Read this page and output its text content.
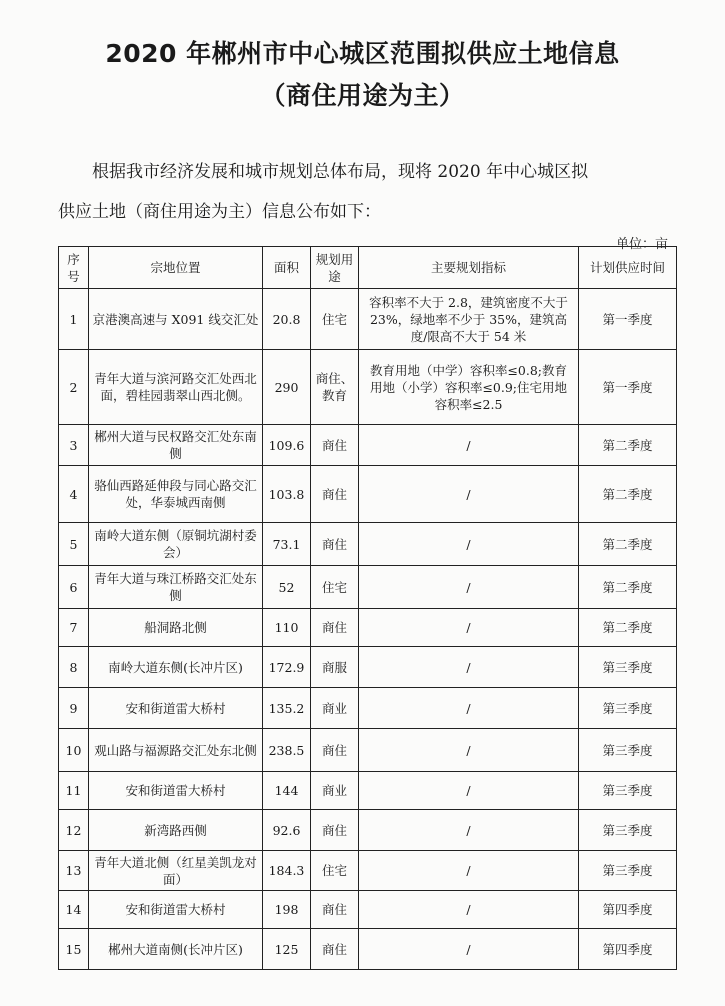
2020 年郴州市中心城区范围拟供应土地信息
（商住用途为主）
根据我市经济发展和城市规划总体布局，现将 2020 年中心城区拟
供应土地（商住用途为主）信息公布如下：
单位：亩
序号	宗地位置	面积	规划用途	主要规划指标	计划供应时间
1	京港澳高速与 X091 线交汇处	20.8	住宅	容积率不大于 2.8，建筑密度不大于 23%，绿地率不少于 35%，建筑高度/限高不大于 54 米	第一季度
2	青年大道与滨河路交汇处西北面，碧桂园翡翠山西北侧。	290	商住、教育	教育用地（中学）容积率≤0.8;教育用地（小学）容积率≤0.9;住宅用地容积率≤2.5	第一季度
3	郴州大道与民权路交汇处东南侧	109.6	商住	/	第二季度
4	骆仙西路延伸段与同心路交汇处，华泰城西南侧	103.8	商住	/	第二季度
5	南岭大道东侧（原铜坑湖村委会）	73.1	商住	/	第二季度
6	青年大道与珠江桥路交汇处东侧	52	住宅	/	第二季度
7	船洞路北侧	110	商住	/	第二季度
8	南岭大道东侧(长冲片区)	172.9	商服	/	第三季度
9	安和街道雷大桥村	135.2	商业	/	第三季度
10	观山路与福源路交汇处东北侧	238.5	商住	/	第三季度
11	安和街道雷大桥村	144	商业	/	第三季度
12	新湾路西侧	92.6	商住	/	第三季度
13	青年大道北侧（红星美凯龙对面）	184.3	住宅	/	第三季度
14	安和街道雷大桥村	198	商住	/	第四季度
15	郴州大道南侧(长冲片区)	125	商住	/	第四季度
